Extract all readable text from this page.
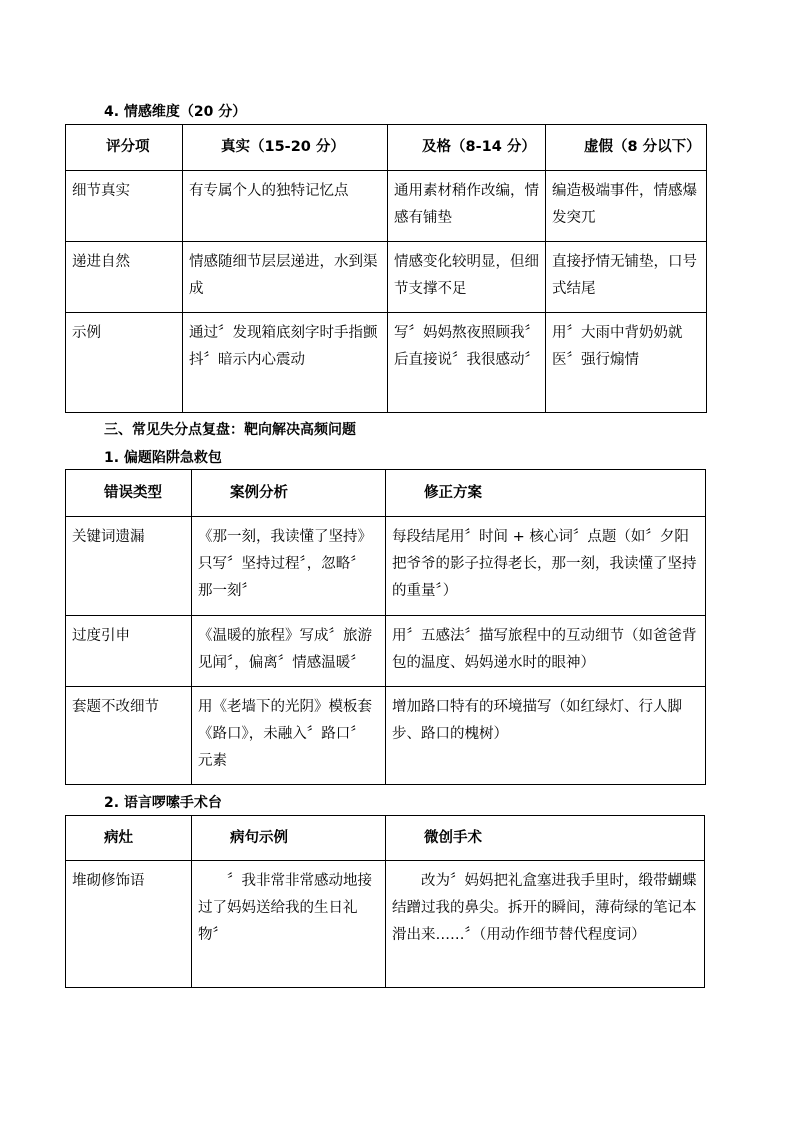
4. 情感维度（20 分）
评分项	真实（15-20 分）	及格（8-14 分）	虚假（8 分以下）
细节真实	有专属个人的独特记忆点	通用素材稍作改编，情感有铺垫	编造极端事件，情感爆发突兀
递进自然	情感随细节层层递进，水到渠成	情感变化较明显，但细节支撑不足	直接抒情无铺垫，口号式结尾
示例	通过〞发现箱底刻字时手指颤抖〞暗示内心震动	写〞妈妈熬夜照顾我〞后直接说〞我很感动〞	用〞大雨中背奶奶就医〞强行煽情
三、常见失分点复盘：靶向解决高频问题
1. 偏题陷阱急救包
错误类型	案例分析	修正方案
关键词遗漏	《那一刻，我读懂了坚持》只写〞坚持过程〞，忽略〞那一刻〞	每段结尾用〞时间 + 核心词〞点题（如〞夕阳把爷爷的影子拉得老长，那一刻，我读懂了坚持的重量〞）
过度引申	《温暖的旅程》写成〞旅游见闻〞，偏离〞情感温暖〞	用〞五感法〞描写旅程中的互动细节（如爸爸背包的温度、妈妈递水时的眼神）
套题不改细节	用《老墙下的光阴》模板套《路口》，未融入〞路口〞元素	增加路口特有的环境描写（如红绿灯、行人脚步、路口的槐树）
2. 语言啰嗦手术台
病灶	病句示例	微创手术
堆砌修饰语	〞我非常非常感动地接过了妈妈送给我的生日礼物〞	改为〞妈妈把礼盒塞进我手里时，缎带蝴蝶结蹭过我的鼻尖。拆开的瞬间，薄荷绿的笔记本滑出来……〞（用动作细节替代程度词）
